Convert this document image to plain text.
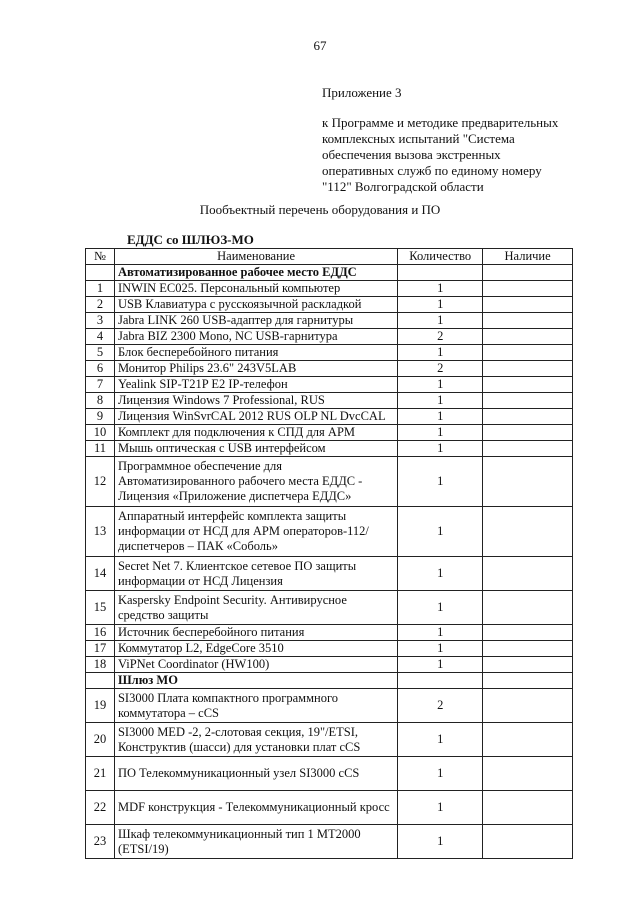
67
Приложение 3
к Программе и методике предварительных комплексных испытаний "Система обеспечения вызова экстренных оперативных служб по единому номеру "112" Волгоградской области
Пообъектный перечень оборудования и ПО
ЕДДС со ШЛЮЗ-МО
№	Наименование	Количество	Наличие
	Автоматизированное рабочее место ЕДДС		
1	INWIN EC025. Персональный компьютер	1	
2	USB Клавиатура с русскоязычной раскладкой	1	
3	Jabra LINK 260 USB-адаптер для гарнитуры	1	
4	Jabra BIZ 2300 Mono, NC USB-гарнитура	2	
5	Блок бесперебойного питания	1	
6	Монитор Philips 23.6" 243V5LAB	2	
7	Yealink SIP-T21P E2 IP-телефон	1	
8	Лицензия Windows 7 Professional, RUS	1	
9	Лицензия WinSvrCAL 2012 RUS OLP NL DvcCAL	1	
10	Комплект для подключения к СПД для АРМ	1	
11	Мышь оптическая с USB интерфейсом	1	
12	Программное обеспечение для Автоматизированного рабочего места ЕДДС - Лицензия «Приложение диспетчера ЕДДС»	1	
13	Аппаратный интерфейс комплекта защиты информации от НСД для АРМ операторов-112/диспетчеров – ПАК «Соболь»	1	
14	Secret Net 7. Клиентское сетевое ПО защиты информации от НСД Лицензия	1	
15	Kaspersky Endpoint Security. Антивирусное средство защиты	1	
16	Источник бесперебойного питания	1	
17	Коммутатор L2, EdgeCore 3510	1	
18	ViPNet Coordinator (HW100)	1	
	Шлюз МО		
19	SI3000 Плата компактного программного коммутатора – cCS	2	
20	SI3000 MED -2, 2-слотовая секция, 19"/ETSI, Конструктив (шасси) для установки плат cCS	1	
21	ПО Телекоммуникационный узел SI3000 cCS	1	
22	MDF конструкция - Телекоммуникационный кросс	1	
23	Шкаф телекоммуникационный тип 1 MT2000 (ETSI/19)	1	
